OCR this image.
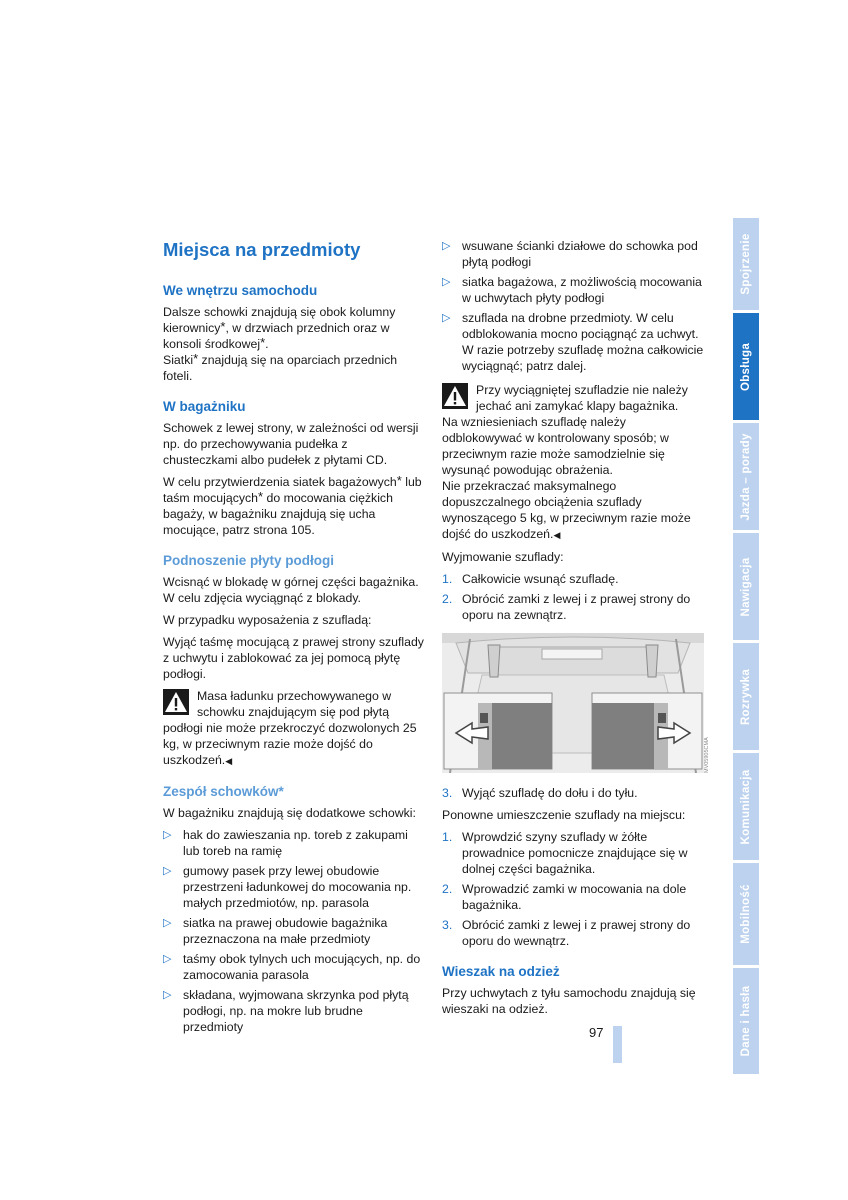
Miejsca na przedmioty
We wnętrzu samochodu

Dalsze schowki znajdują się obok kolumny kierownicy*, w drzwiach przednich oraz w konsoli środkowej*.
Siatki* znajdują się na oparciach przednich foteli.

W bagażniku

Schowek z lewej strony, w zależności od wersji np. do przechowywania pudełka z chusteczkami albo pudełek z płytami CD.

W celu przytwierdzenia siatek bagażowych* lub taśm mocujących* do mocowania ciężkich bagaży, w bagażniku znajdują się ucha mocujące, patrz strona 105.

Podnoszenie płyty podłogi

Wcisnąć w blokadę w górnej części bagażnika. W celu zdjęcia wyciągnąć z blokady.

W przypadku wyposażenia z szufladą:

Wyjąć taśmę mocującą z prawej strony szuflady z uchwytu i zablokować za jej pomocą płytę podłogi.

Masa ładunku przechowywanego w schowku znajdującym się pod płytą podłogi nie może przekroczyć dozwolonych 25 kg, w przeciwnym razie może dojść do uszkodzeń.◀
Zespół schowków*

W bagażniku znajdują się dodatkowe schowki:

▷ hak do zawieszania np. toreb z zakupami lub toreb na ramię
▷ gumowy pasek przy lewej obudowie przestrzeni ładunkowej do mocowania np. małych przedmiotów, np. parasola
▷ siatka na prawej obudowie bagażnika przeznaczona na małe przedmioty
▷ taśmy obok tylnych uch mocujących, np. do zamocowania parasola
▷ składana, wyjmowana skrzynka pod płytą podłogi, np. na mokre lub brudne przedmioty
▷ wsuwane ścianki działowe do schowka pod płytą podłogi
▷ siatka bagażowa, z możliwością mocowania w uchwytach płyty podłogi
▷ szuflada na drobne przedmioty. W celu odblokowania mocno pociągnąć za uchwyt. W razie potrzeby szufladę można całkowicie wyciągnąć; patrz dalej.
Przy wyciągniętej szufladzie nie należy jechać ani zamykać klapy bagażnika.
Na wzniesieniach szufladę należy odblokowywać w kontrolowany sposób; w przeciwnym razie może samodzielnie się wysunąć powodując obrażenia.
Nie przekraczać maksymalnego dopuszczalnego obciążenia szuflady wynoszącego 5 kg, w przeciwnym razie może dojść do uszkodzeń.◀

Wyjmowanie szuflady:

1. Całkowicie wsunąć szufladę.
2. Obrócić zamki z lewej i z prawej strony do oporu na zewnątrz.
MV05905CMA
3. Wyjąć szufladę do dołu i do tyłu.

Ponowne umieszczenie szuflady na miejscu:

1. Wprowdzić szyny szuflady w żółte prowadnice pomocnicze znajdujące się w dolnej części bagażnika.
2. Wprowadzić zamki w mocowania na dole bagażnika.
3. Obrócić zamki z lewej i z prawej strony do oporu do wewnątrz.
Wieszak na odzież

Przy uchwytach z tyłu samochodu znajdują się wieszaki na odzież.

Spojrzenie
Obsługa
Jazda – porady
Nawigacja
Rozrywka
Komunikacja
Mobilność
Dane i hasła
97
